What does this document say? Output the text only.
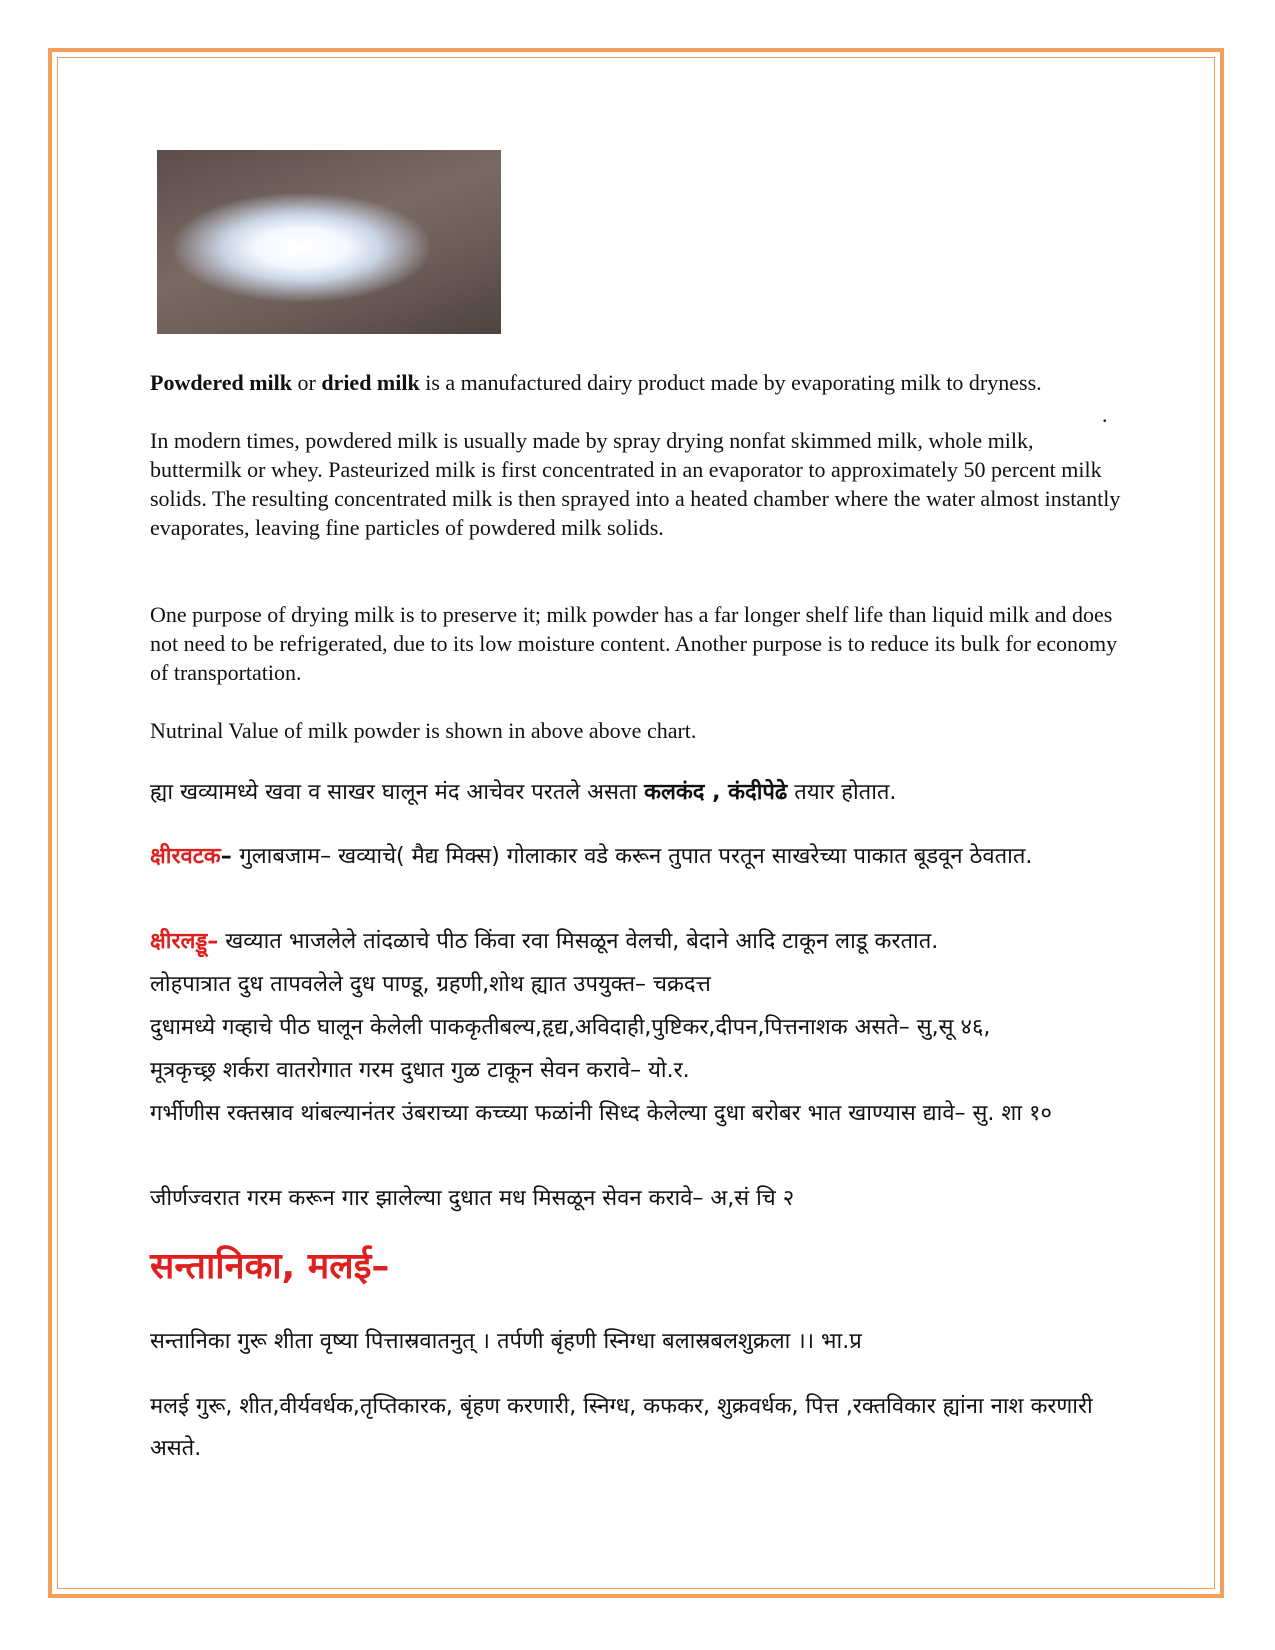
Powdered milk or dried milk is a manufactured dairy product made by evaporating milk to dryness.

.

In modern times, powdered milk is usually made by spray drying nonfat skimmed milk, whole milk, buttermilk or whey. Pasteurized milk is first concentrated in an evaporator to approximately 50 percent milk solids. The resulting concentrated milk is then sprayed into a heated chamber where the water almost instantly evaporates, leaving fine particles of powdered milk solids.

One purpose of drying milk is to preserve it; milk powder has a far longer shelf life than liquid milk and does not need to be refrigerated, due to its low moisture content. Another purpose is to reduce its bulk for economy of transportation.

Nutrinal Value of milk powder is shown in above above chart.

ह्या खव्यामध्ये खवा व साखर घालून मंद आचेवर परतले असता कलकंद , कंदीपेढे तयार होतात.

क्षीरवटक– गुलाबजाम– खव्याचे( मैद्य मिक्स) गोलाकार वडे करून तुपात परतून साखरेच्या पाकात बूडवून ठेवतात.

क्षीरलड्डू– खव्यात भाजलेले तांदळाचे पीठ किंवा रवा मिसळून वेलची, बेदाने आदि टाकून लाडू करतात.

लोहपात्रात दुध तापवलेले दुध पाण्डू, ग्रहणी,शोथ ह्यात उपयुक्त– चक्रदत्त

दुधामध्ये गव्हाचे पीठ घालून केलेली पाककृतीबल्य,हृद्य,अविदाही,पुष्टिकर,दीपन,पित्तनाशक असते– सु,सू ४६,

मूत्रकृच्छ्र शर्करा वातरोगात गरम दुधात गुळ टाकून सेवन करावे– यो.र.

गर्भीणीस रक्तस्राव थांबल्यानंतर उंबराच्या कच्च्या फळांनी सिध्द केलेल्या दुधा बरोबर भात खाण्यास द्यावे– सु. शा १०

जीर्णज्वरात गरम करून गार झालेल्या दुधात मध मिसळून सेवन करावे– अ,सं चि २

सन्तानिका, मलई–

सन्तानिका गुरू शीता वृष्या पित्तास्रवातनुत् । तर्पणी बृंहणी स्निग्धा बलास्रबलशुक्रला ।। भा.प्र

मलई गुरू, शीत,वीर्यवर्धक,तृप्तिकारक, बृंहण करणारी, स्निग्ध, कफकर, शुक्रवर्धक, पित्त ,रक्तविकार ह्यांना नाश करणारी असते.
